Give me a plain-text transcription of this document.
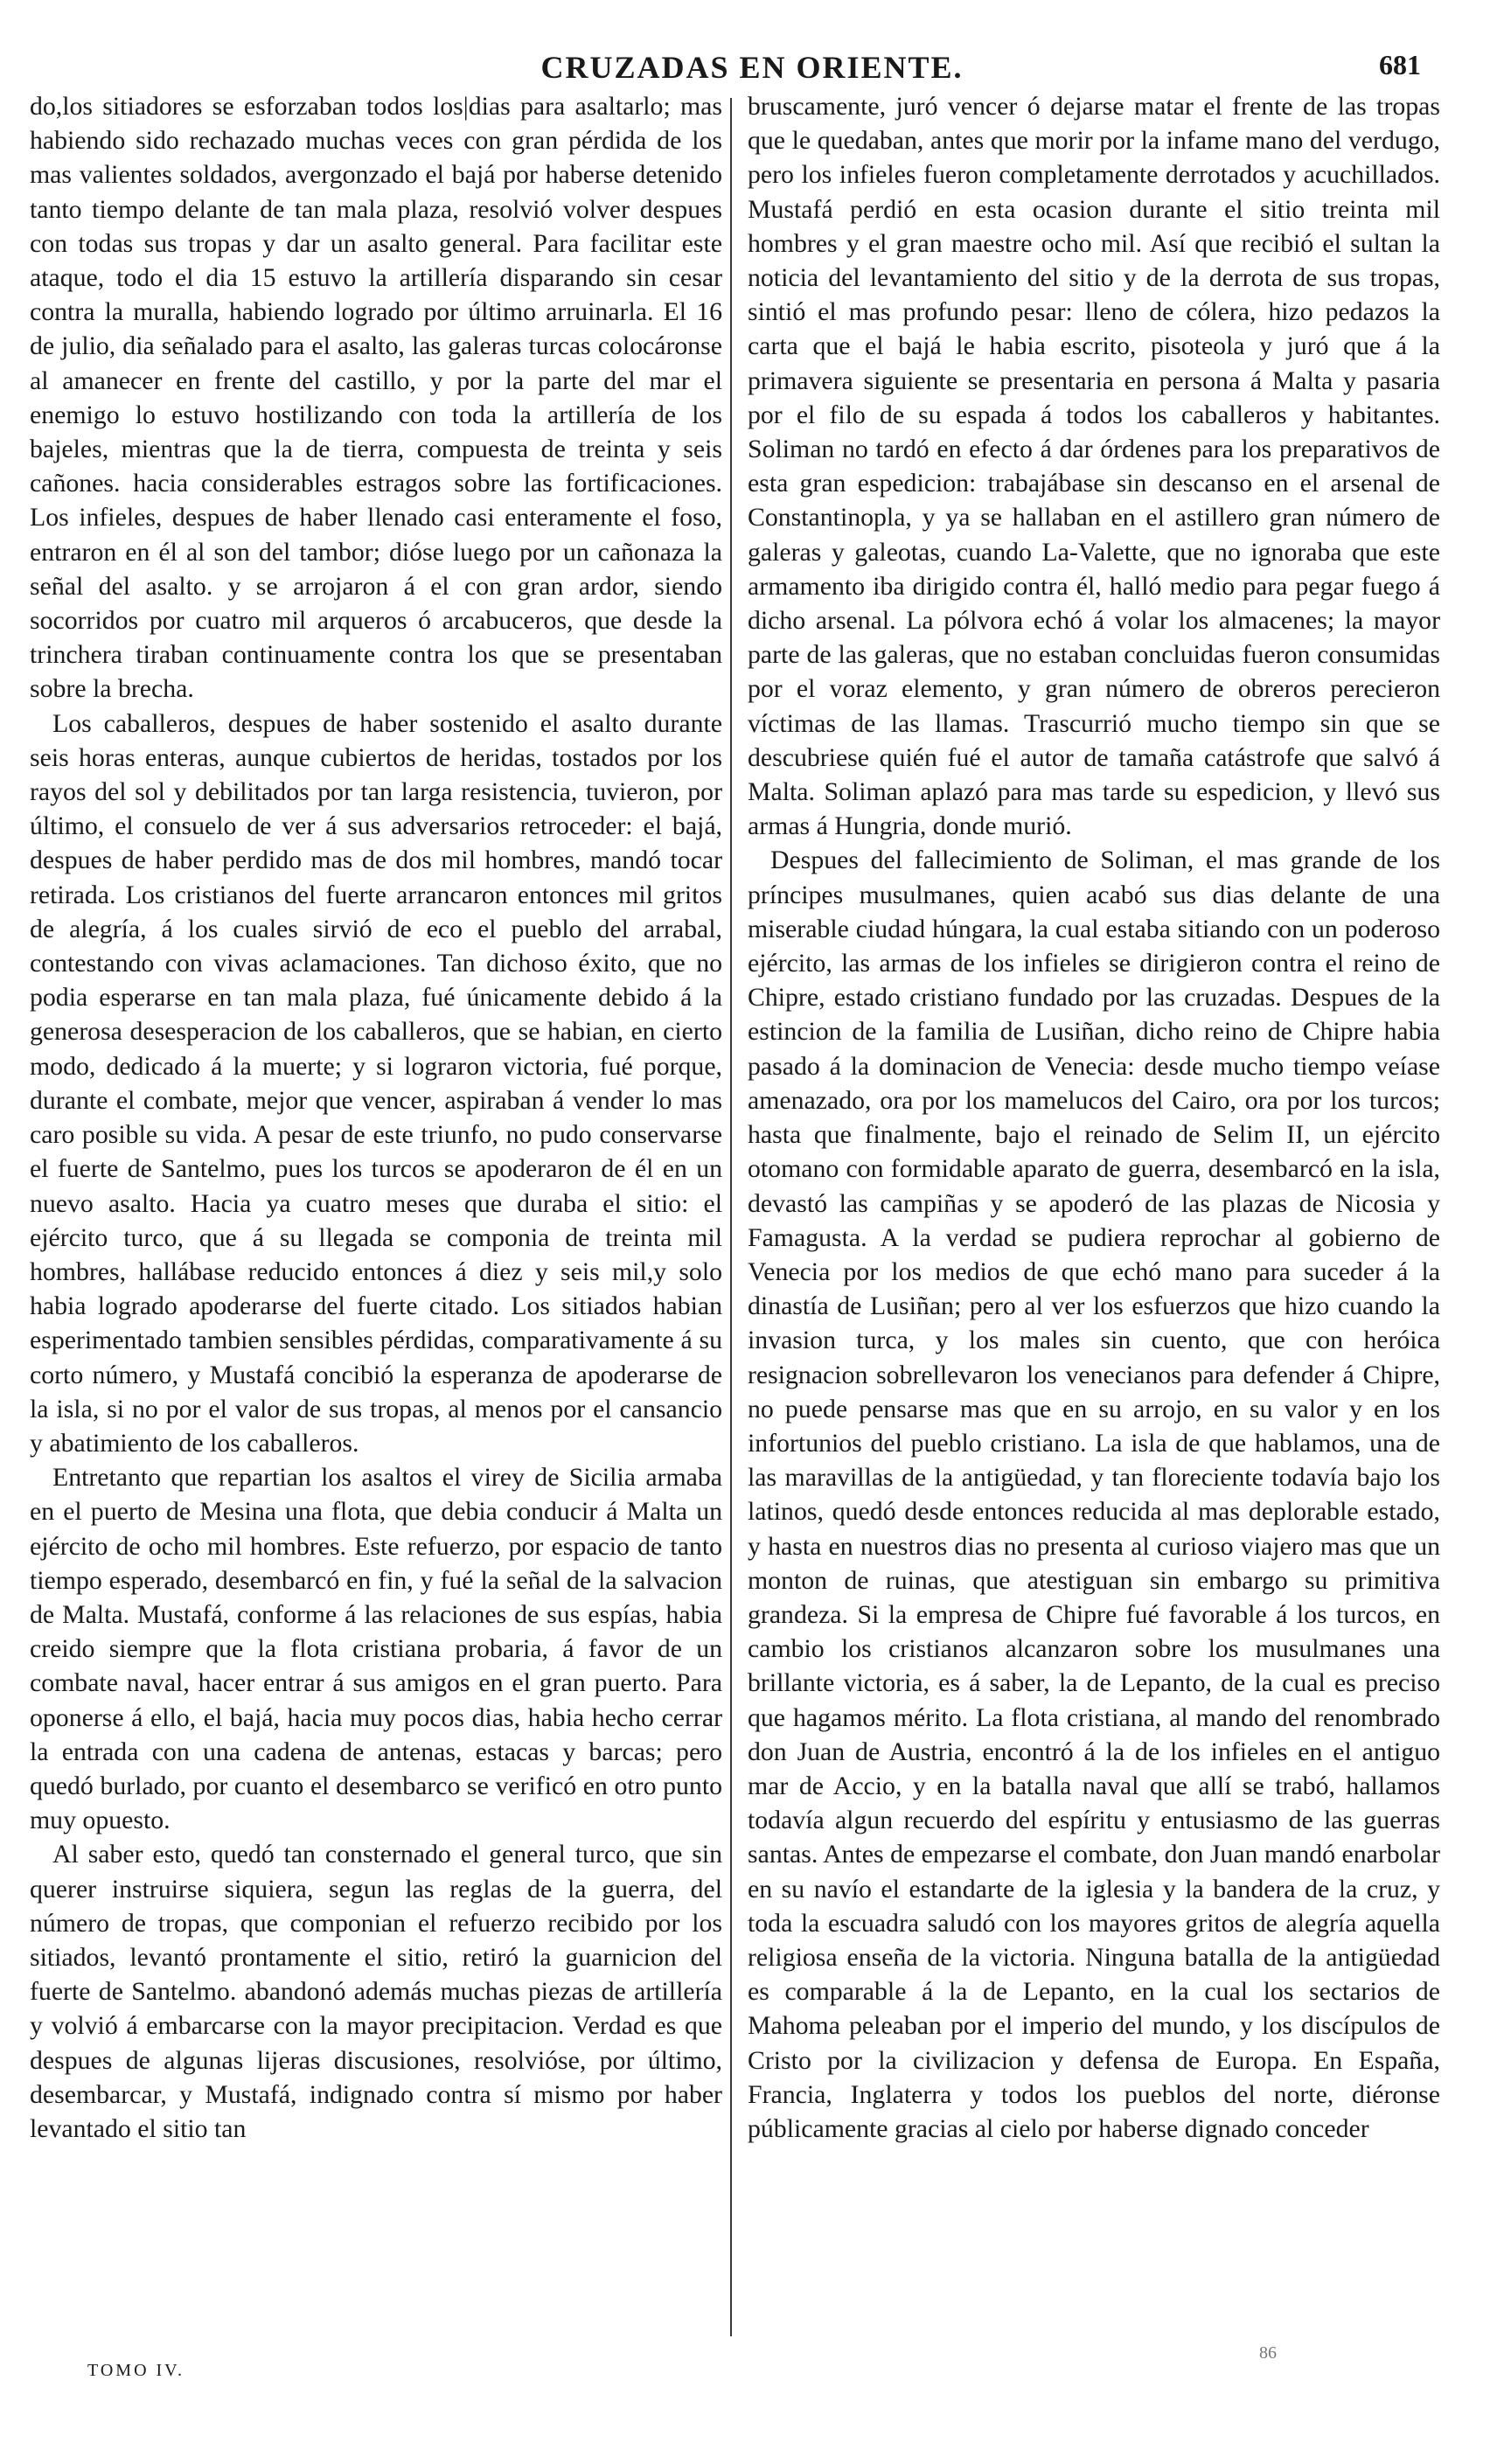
CRUZADAS EN ORIENTE.	681

do,los sitiadores se esforzaban todos los|dias para asaltarlo; mas habiendo sido rechazado muchas veces con gran pérdida de los mas valientes soldados, avergonzado el bajá por haberse detenido tanto tiempo delante de tan mala plaza, resolvió volver despues con todas sus tropas y dar un asalto general. Para facilitar este ataque, todo el dia 15 estuvo la artillería disparando sin cesar contra la muralla, habiendo logrado por último arruinarla. El 16 de julio, dia señalado para el asalto, las galeras turcas colocáronse al amanecer en frente del castillo, y por la parte del mar el enemigo lo estuvo hostilizando con toda la artillería de los bajeles, mientras que la de tierra, compuesta de treinta y seis cañones. hacia considerables estragos sobre las fortificaciones. Los infieles, despues de haber llenado casi enteramente el foso, entraron en él al son del tambor; dióse luego por un cañonaza la señal del asalto. y se arrojaron á el con gran ardor, siendo socorridos por cuatro mil arqueros ó arcabuceros, que desde la trinchera tiraban continuamente contra los que se presentaban sobre la brecha.

Los caballeros, despues de haber sostenido el asalto durante seis horas enteras, aunque cubiertos de heridas, tostados por los rayos del sol y debilitados por tan larga resistencia, tuvieron, por último, el consuelo de ver á sus adversarios retroceder: el bajá, despues de haber perdido mas de dos mil hombres, mandó tocar retirada. Los cristianos del fuerte arrancaron entonces mil gritos de alegría, á los cuales sirvió de eco el pueblo del arrabal, contestando con vivas aclamaciones. Tan dichoso éxito, que no podia esperarse en tan mala plaza, fué únicamente debido á la generosa desesperacion de los caballeros, que se habian, en cierto modo, dedicado á la muerte; y si lograron victoria, fué porque, durante el combate, mejor que vencer, aspiraban á vender lo mas caro posible su vida. A pesar de este triunfo, no pudo conservarse el fuerte de Santelmo, pues los turcos se apoderaron de él en un nuevo asalto. Hacia ya cuatro meses que duraba el sitio: el ejército turco, que á su llegada se componia de treinta mil hombres, hallábase reducido entonces á diez y seis mil,y solo habia logrado apoderarse del fuerte citado. Los sitiados habian esperimentado tambien sensibles pérdidas, comparativamente á su corto número, y Mustafá concibió la esperanza de apoderarse de la isla, si no por el valor de sus tropas, al menos por el cansancio y abatimiento de los caballeros.

Entretanto que repartian los asaltos el virey de Sicilia armaba en el puerto de Mesina una flota, que debia conducir á Malta un ejército de ocho mil hombres. Este refuerzo, por espacio de tanto tiempo esperado, desembarcó en fin, y fué la señal de la salvacion de Malta. Mustafá, conforme á las relaciones de sus espías, habia creido siempre que la flota cristiana probaria, á favor de un combate naval, hacer entrar á sus amigos en el gran puerto. Para oponerse á ello, el bajá, hacia muy pocos dias, habia hecho cerrar la entrada con una cadena de antenas, estacas y barcas; pero quedó burlado, por cuanto el desembarco se verificó en otro punto muy opuesto.

Al saber esto, quedó tan consternado el general turco, que sin querer instruirse siquiera, segun las reglas de la guerra, del número de tropas, que componian el refuerzo recibido por los sitiados, levantó prontamente el sitio, retiró la guarnicion del fuerte de Santelmo. abandonó además muchas piezas de artillería y volvió á embarcarse con la mayor precipitacion. Verdad es que despues de algunas lijeras discusiones, resolvióse, por último, desembarcar, y Mustafá, indignado contra sí mismo por haber levantado el sitio tan

bruscamente, juró vencer ó dejarse matar el frente de las tropas que le quedaban, antes que morir por la infame mano del verdugo, pero los infieles fueron completamente derrotados y acuchillados. Mustafá perdió en esta ocasion durante el sitio treinta mil hombres y el gran maestre ocho mil. Así que recibió el sultan la noticia del levantamiento del sitio y de la derrota de sus tropas, sintió el mas profundo pesar: lleno de cólera, hizo pedazos la carta que el bajá le habia escrito, pisoteola y juró que á la primavera siguiente se presentaria en persona á Malta y pasaria por el filo de su espada á todos los caballeros y habitantes. Soliman no tardó en efecto á dar órdenes para los preparativos de esta gran espedicion: trabajábase sin descanso en el arsenal de Constantinopla, y ya se hallaban en el astillero gran número de galeras y galeotas, cuando La-Valette, que no ignoraba que este armamento iba dirigido contra él, halló medio para pegar fuego á dicho arsenal. La pólvora echó á volar los almacenes; la mayor parte de las galeras, que no estaban concluidas fueron consumidas por el voraz elemento, y gran número de obreros perecieron víctimas de las llamas. Trascurrió mucho tiempo sin que se descubriese quién fué el autor de tamaña catástrofe que salvó á Malta. Soliman aplazó para mas tarde su espedicion, y llevó sus armas á Hungria, donde murió.

Despues del fallecimiento de Soliman, el mas grande de los príncipes musulmanes, quien acabó sus dias delante de una miserable ciudad húngara, la cual estaba sitiando con un poderoso ejército, las armas de los infieles se dirigieron contra el reino de Chipre, estado cristiano fundado por las cruzadas. Despues de la estincion de la familia de Lusiñan, dicho reino de Chipre habia pasado á la dominacion de Venecia: desde mucho tiempo veíase amenazado, ora por los mamelucos del Cairo, ora por los turcos; hasta que finalmente, bajo el reinado de Selim II, un ejército otomano con formidable aparato de guerra, desembarcó en la isla, devastó las campiñas y se apoderó de las plazas de Nicosia y Famagusta. A la verdad se pudiera reprochar al gobierno de Venecia por los medios de que echó mano para suceder á la dinastía de Lusiñan; pero al ver los esfuerzos que hizo cuando la invasion turca, y los males sin cuento, que con heróica resignacion sobrellevaron los venecianos para defender á Chipre, no puede pensarse mas que en su arrojo, en su valor y en los infortunios del pueblo cristiano. La isla de que hablamos, una de las maravillas de la antigüedad, y tan floreciente todavía bajo los latinos, quedó desde entonces reducida al mas deplorable estado, y hasta en nuestros dias no presenta al curioso viajero mas que un monton de ruinas, que atestiguan sin embargo su primitiva grandeza. Si la empresa de Chipre fué favorable á los turcos, en cambio los cristianos alcanzaron sobre los musulmanes una brillante victoria, es á saber, la de Lepanto, de la cual es preciso que hagamos mérito. La flota cristiana, al mando del renombrado don Juan de Austria, encontró á la de los infieles en el antiguo mar de Accio, y en la batalla naval que allí se trabó, hallamos todavía algun recuerdo del espíritu y entusiasmo de las guerras santas. Antes de empezarse el combate, don Juan mandó enarbolar en su navío el estandarte de la iglesia y la bandera de la cruz, y toda la escuadra saludó con los mayores gritos de alegría aquella religiosa enseña de la victoria. Ninguna batalla de la antigüedad es comparable á la de Lepanto, en la cual los sectarios de Mahoma peleaban por el imperio del mundo, y los discípulos de Cristo por la civilizacion y defensa de Europa. En España, Francia, Inglaterra y todos los pueblos del norte, diéronse públicamente gracias al cielo por haberse dignado conceder

TOMO IV.
86
